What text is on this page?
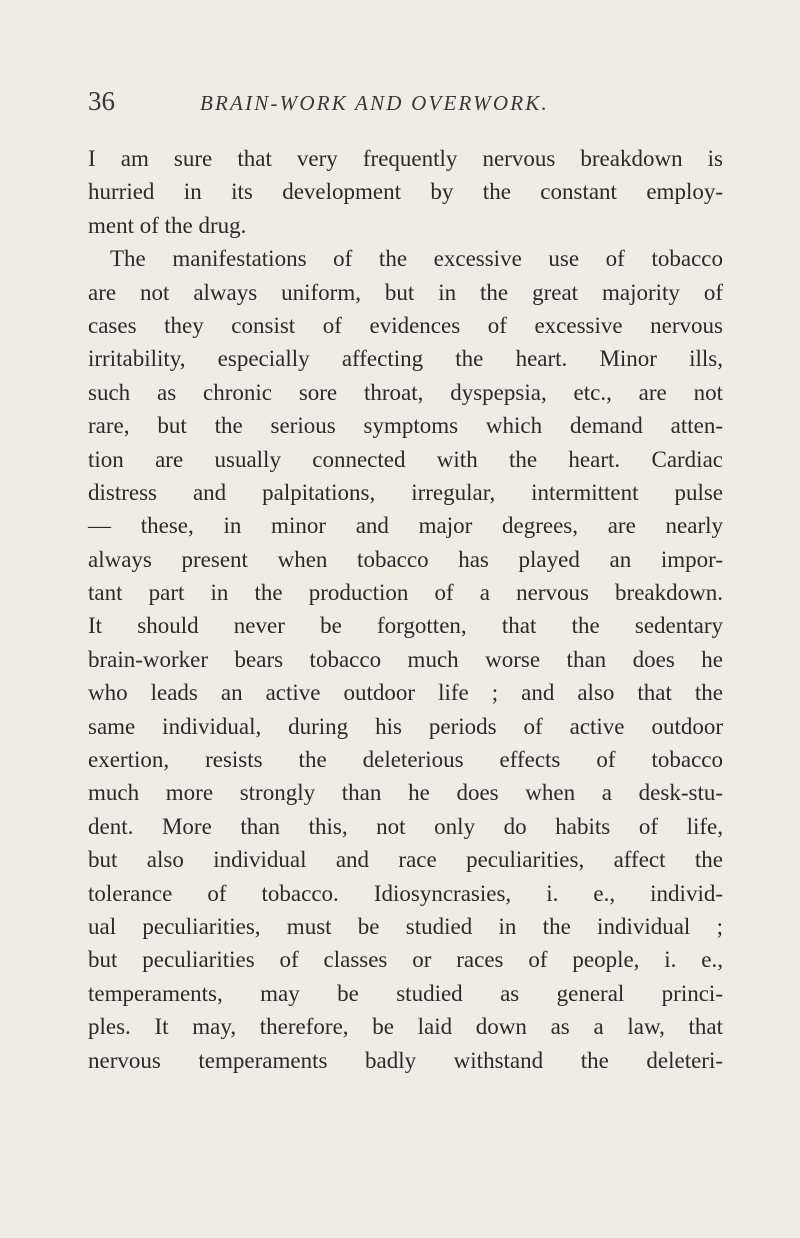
36	BRAIN-WORK AND OVERWORK.
I am sure that very frequently nervous breakdown is
hurried in its development by the constant employ-
ment of the drug.
The manifestations of the excessive use of tobacco
are not always uniform, but in the great majority of
cases they consist of evidences of excessive nervous
irritability, especially affecting the heart. Minor ills,
such as chronic sore throat, dyspepsia, etc., are not
rare, but the serious symptoms which demand atten-
tion are usually connected with the heart. Cardiac
distress and palpitations, irregular, intermittent pulse
— these, in minor and major degrees, are nearly
always present when tobacco has played an impor-
tant part in the production of a nervous breakdown.
It should never be forgotten, that the sedentary
brain-worker bears tobacco much worse than does he
who leads an active outdoor life ; and also that the
same individual, during his periods of active outdoor
exertion, resists the deleterious effects of tobacco
much more strongly than he does when a desk-stu-
dent. More than this, not only do habits of life,
but also individual and race peculiarities, affect the
tolerance of tobacco. Idiosyncrasies, i. e., individ-
ual peculiarities, must be studied in the individual ;
but peculiarities of classes or races of people, i. e.,
temperaments, may be studied as general princi-
ples. It may, therefore, be laid down as a law, that
nervous temperaments badly withstand the deleteri-
